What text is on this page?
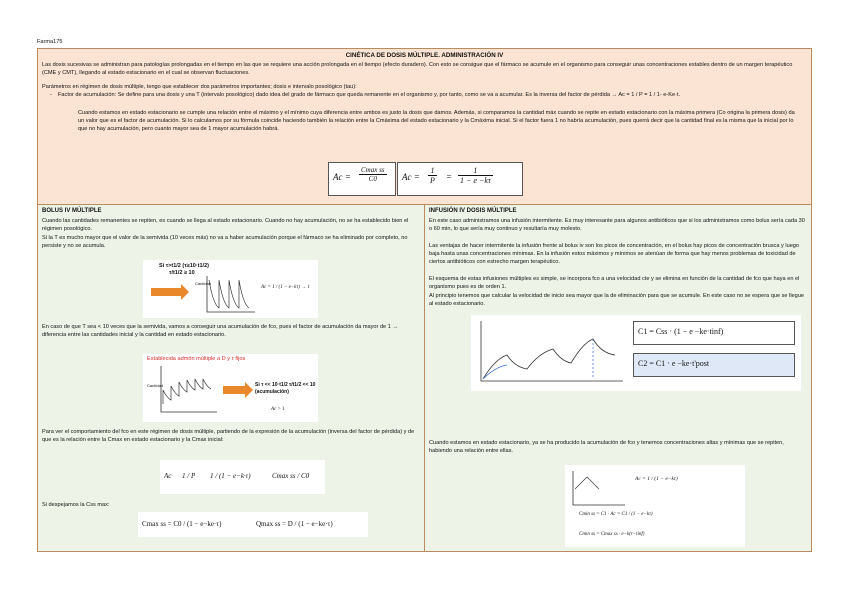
Farma175
CINÉTICA DE DOSIS MÚLTIPLE. ADMINISTRACIÓN IV
Las dosis sucesivas se administran para patologías prolongadas en el tiempo en las que se requiere una acción prolongada en el tiempo (efecto duradero). Con esto se consigue que el fármaco se acumule en el organismo para conseguir unas concentraciones estables dentro de un margen terapéutico (CME y CMT), llegando al estado estacionario en el cual se observan fluctuaciones.
Parámetros en régimen de dosis múltiple, tengo que establecer dos parámetros importantes; dosis e intervalo posológico (tau):
- Factor de acumulación: Se define para una dosis y una T (intervalo posológico) dado idea del grado de fármaco que queda remanente en el organismo y, por tanto, como se va a acumular. Es la inversa del factor de pérdida → Ac = 1 / P = 1 / 1- e-Ke·t.
Cuando estamos en estado estacionario se cumple una relación entre el máximo y el mínimo cuya diferencia entre ambos es justo la dosis que damos. Además, si comparamos la cantidad máx cuando se repite en estado estacionario con la máxima primera (Co origina la primera dosis) da un valor que es el factor de acumulación. Si lo calculamos por su fórmula coincide haciendo también la relación entre la Cmáxima del estado estacionario y la Cmáxima inicial. Si el factor fuera 1 no habría acumulación, pues querrá decir que la cantidad final es la misma que la inicial por lo que no hay acumulación, pero cuanto mayor sea de 1 mayor acumulación habrá.
Ac =
Cmax ss
C0	$Ac = \frac{1}{P} = \frac{1}{1 - e -k\tau}$
BOLUS IV MÚLTIPLE
Cuando las cantidades remanentes se repiten, es cuando se llega al estado estacionario. Cuando no hay acumulación, no se ha establecido bien el régimen posológico.
Si la T es mucho mayor que el valor de la semivida (10 veces más) no va a haber acumulación porque el fármaco se ha eliminado por completo, no persiste y no se acumula.
Si τ>t1/2 (τ≥10·t1/2)
τ/t1/2 ≥ 10
Cantidad
Ac = 1 / (1 − e−kτ) → 1
En caso de que T sea < 10 veces que la semivida, vamos a conseguir una acumulación de fco, pues el factor de acumulación da mayor de 1 → diferencia entre las cantidades inicial y la cantidad en estado estacionario.
Establecida admón múltiple a D y τ fijos
Cantidad	Si τ << 10·t1/2 τ/t1/2 << 10
(acumulación)
Ac > 1
Para ver el comportamiento del fco en este régimen de dosis múltiple, partiendo de la expresión de la acumulación (inversa del factor de pérdida) y de que es la relación entre la Cmax en estado estacionario y la Cmax inicial:
Ac 1 / P 1 / (1 − e−k·τ)	Cmax ss / C0
Si despejamos la Css max:
Cmax ss = C0 / (1 − e−ke·τ)	Qmax ss = D / (1 − e−ke·τ)
INFUSIÓN IV DOSIS MÚLTIPLE
En este caso administramos una infusión intermitente. Es muy interesante para algunos antibióticos que si los administramos como bolus sería cada 30 o 60 min, lo que sería muy continuo y resultaría muy molesto.
Las ventajas de hacer intermitente la infusión frente al bolus iv son los picos de concentración, en el bolus hay picos de concentración brusca y luego baja hasta unas concentraciones mínimas. En la infusión estos máximos y mínimos se atenúan de forma que hay menos problemas de toxicidad de ciertos antibióticos con estrecho margen terapéutico.
El esquema de estas infusiones múltiples es simple, se incorpora fco a una velocidad cte y se elimina en función de la cantidad de fco que haya en el organismo pues es de orden 1.
Al principio tenemos que calcular la velocidad de inicio sea mayor que la de eliminación para que se acumule. En este caso no se espera que se llegue al estado estacionario.
C1 = Css · (1 − e −ke·tinf)
C2 = C1 · e −ke·t'post
Cuando estamos en estado estacionario, ya se ha producido la acumulación de fco y tenemos concentraciones altas y mínimas que se repiten, habiendo una relación entre ellas.
Ac = 1 / (1 − e−kτ)
Cmin ss = C1 · Ac = C1 / (1 − e−kτ)
Cmin ss = Cmax ss · e−k(τ−tinf)
